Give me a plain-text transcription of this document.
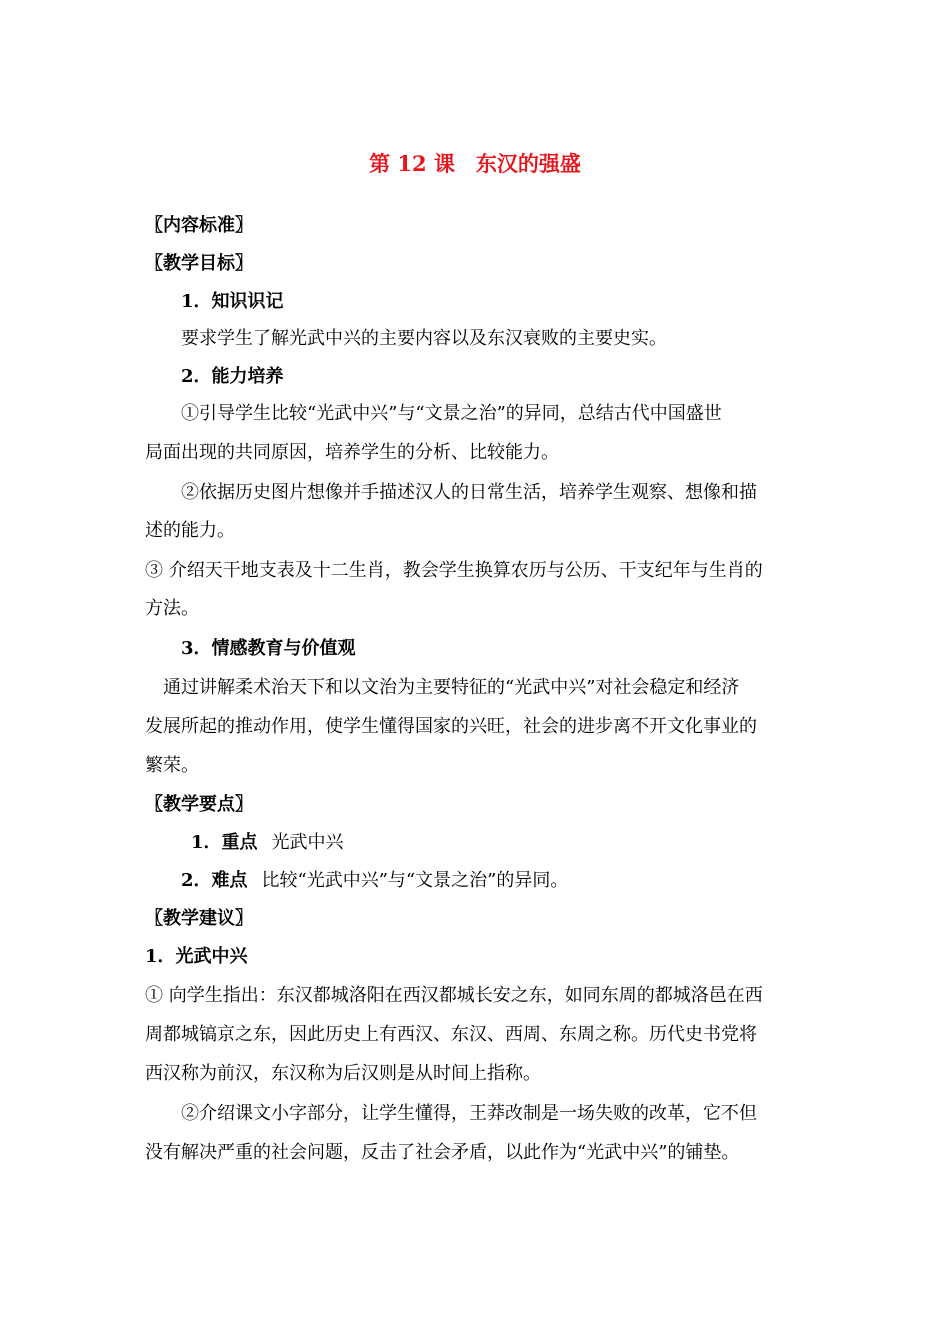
第 12 课　东汉的强盛
〖内容标准〗
〖教学目标〗
1．知识识记
要求学生了解光武中兴的主要内容以及东汉衰败的主要史实。
2．能力培养
①引导学生比较“光武中兴”与“文景之治”的异同，总结古代中国盛世
局面出现的共同原因，培养学生的分析、比较能力。
②依据历史图片想像并手描述汉人的日常生活，培养学生观察、想像和描
述的能力。
③ 介绍天干地支表及十二生肖，教会学生换算农历与公历、干支纪年与生肖的
方法。
3．情感教育与价值观
通过讲解柔术治天下和以文治为主要特征的“光武中兴”对社会稳定和经济
发展所起的推动作用，使学生懂得国家的兴旺，社会的进步离不开文化事业的
繁荣。
〖教学要点〗
1．重点 光武中兴
2．难点 比较“光武中兴”与“文景之治”的异同。
〖教学建议〗
1．光武中兴
① 向学生指出：东汉都城洛阳在西汉都城长安之东，如同东周的都城洛邑在西
周都城镐京之东，因此历史上有西汉、东汉、西周、东周之称。历代史书党将
西汉称为前汉，东汉称为后汉则是从时间上指称。
②介绍课文小字部分，让学生懂得，王莽改制是一场失败的改革，它不但
没有解决严重的社会问题，反击了社会矛盾，以此作为“光武中兴”的铺垫。
